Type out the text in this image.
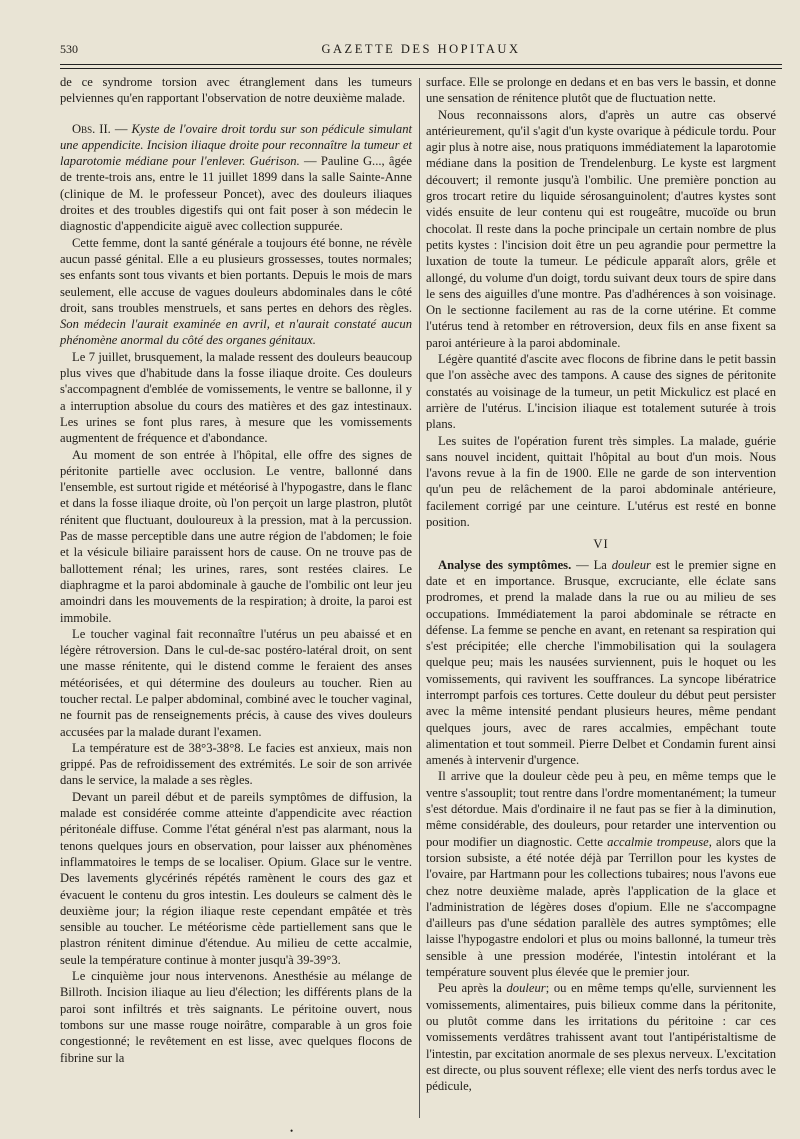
530	GAZETTE DES HOPITAUX

de ce syndrome torsion avec étranglement dans les tumeurs pelviennes qu'en rapportant l'observation de notre deuxième malade.

Obs. II. — Kyste de l'ovaire droit tordu sur son pédicule simulant une appendicite. Incision iliaque droite pour reconnaître la tumeur et laparotomie médiane pour l'enlever. Guérison. — Pauline G..., âgée de trente-trois ans, entre le 11 juillet 1899 dans la salle Sainte-Anne (clinique de M. le professeur Poncet), avec des douleurs iliaques droites et des troubles digestifs qui ont fait poser à son médecin le diagnostic d'appendicite aiguë avec collection suppurée.

Cette femme, dont la santé générale a toujours été bonne, ne révèle aucun passé génital. Elle a eu plusieurs grossesses, toutes normales; ses enfants sont tous vivants et bien portants. Depuis le mois de mars seulement, elle accuse de vagues douleurs abdominales dans le côté droit, sans troubles menstruels, et sans pertes en dehors des règles. Son médecin l'aurait examinée en avril, et n'aurait constaté aucun phénomène anormal du côté des organes génitaux.

Le 7 juillet, brusquement, la malade ressent des douleurs beaucoup plus vives que d'habitude dans la fosse iliaque droite. Ces douleurs s'accompagnent d'emblée de vomissements, le ventre se ballonne, il y a interruption absolue du cours des matières et des gaz intestinaux. Les urines se font plus rares, à mesure que les vomissements augmentent de fréquence et d'abondance.

Au moment de son entrée à l'hôpital, elle offre des signes de péritonite partielle avec occlusion. Le ventre, ballonné dans l'ensemble, est surtout rigide et météorisé à l'hypogastre, dans le flanc et dans la fosse iliaque droite, où l'on perçoit un large plastron, plutôt rénitent que fluctuant, douloureux à la pression, mat à la percussion. Pas de masse perceptible dans une autre région de l'abdomen; le foie et la vésicule biliaire paraissent hors de cause. On ne trouve pas de ballottement rénal; les urines, rares, sont restées claires. Le diaphragme et la paroi abdominale à gauche de l'ombilic ont leur jeu amoindri dans les mouvements de la respiration; à droite, la paroi est immobile.

Le toucher vaginal fait reconnaître l'utérus un peu abaissé et en légère rétroversion. Dans le cul-de-sac postéro-latéral droit, on sent une masse rénitente, qui le distend comme le feraient des anses météorisées, et qui détermine des douleurs au toucher. Rien au toucher rectal. Le palper abdominal, combiné avec le toucher vaginal, ne fournit pas de renseignements précis, à cause des vives douleurs accusées par la malade durant l'examen.

La température est de 38°3-38°8. Le facies est anxieux, mais non grippé. Pas de refroidissement des extrémités. Le soir de son arrivée dans le service, la malade a ses règles.

Devant un pareil début et de pareils symptômes de diffusion, la malade est considérée comme atteinte d'appendicite avec réaction péritonéale diffuse. Comme l'état général n'est pas alarmant, nous la tenons quelques jours en observation, pour laisser aux phénomènes inflammatoires le temps de se localiser. Opium. Glace sur le ventre. Des lavements glycérinés répétés ramènent le cours des gaz et évacuent le contenu du gros intestin. Les douleurs se calment dès le deuxième jour; la région iliaque reste cependant empâtée et très sensible au toucher. Le météorisme cède partiellement sans que le plastron rénitent diminue d'étendue. Au milieu de cette accalmie, seule la température continue à monter jusqu'à 39-39°3.

Le cinquième jour nous intervenons. Anesthésie au mélange de Billroth. Incision iliaque au lieu d'élection; les différents plans de la paroi sont infiltrés et très saignants. Le péritoine ouvert, nous tombons sur une masse rouge noirâtre, comparable à un gros foie congestionné; le revêtement en est lisse, avec quelques flocons de fibrine sur la

surface. Elle se prolonge en dedans et en bas vers le bassin, et donne une sensation de rénitence plutôt que de fluctuation nette.

Nous reconnaissons alors, d'après un autre cas observé antérieurement, qu'il s'agit d'un kyste ovarique à pédicule tordu. Pour agir plus à notre aise, nous pratiquons immédiatement la laparotomie médiane dans la position de Trendelenburg. Le kyste est largment découvert; il remonte jusqu'à l'ombilic. Une première ponction au gros trocart retire du liquide sérosanguinolent; d'autres kystes sont vidés ensuite de leur contenu qui est rougeâtre, mucoïde ou brun chocolat. Il reste dans la poche principale un certain nombre de plus petits kystes : l'incision doit être un peu agrandie pour permettre la luxation de toute la tumeur. Le pédicule apparaît alors, grêle et allongé, du volume d'un doigt, tordu suivant deux tours de spire dans le sens des aiguilles d'une montre. Pas d'adhérences à son voisinage. On le sectionne facilement au ras de la corne utérine. Et comme l'utérus tend à retomber en rétroversion, deux fils en anse fixent sa paroi antérieure à la paroi abdominale.

Légère quantité d'ascite avec flocons de fibrine dans le petit bassin que l'on assèche avec des tampons. A cause des signes de péritonite constatés au voisinage de la tumeur, un petit Mickulicz est placé en arrière de l'utérus. L'incision iliaque est totalement suturée à trois plans.

Les suites de l'opération furent très simples. La malade, guérie sans nouvel incident, quittait l'hôpital au bout d'un mois. Nous l'avons revue à la fin de 1900. Elle ne garde de son intervention qu'un peu de relâchement de la paroi abdominale antérieure, facilement corrigé par une ceinture. L'utérus est resté en bonne position.

VI

Analyse des symptômes. — La douleur est le premier signe en date et en importance. Brusque, excruciante, elle éclate sans prodromes, et prend la malade dans la rue ou au milieu de ses occupations. Immédiatement la paroi abdominale se rétracte en défense. La femme se penche en avant, en retenant sa respiration qui s'est précipitée; elle cherche l'immobilisation qui la soulagera quelque peu; mais les nausées surviennent, puis le hoquet ou les vomissements, qui ravivent les souffrances. La syncope libératrice interrompt parfois ces tortures. Cette douleur du début peut persister avec la même intensité pendant plusieurs heures, même pendant quelques jours, avec de rares accalmies, empêchant toute alimentation et tout sommeil. Pierre Delbet et Condamin furent ainsi amenés à intervenir d'urgence.

Il arrive que la douleur cède peu à peu, en même temps que le ventre s'assouplit; tout rentre dans l'ordre momentanément; la tumeur s'est détordue. Mais d'ordinaire il ne faut pas se fier à la diminution, même considérable, des douleurs, pour retarder une intervention ou pour modifier un diagnostic. Cette accalmie trompeuse, alors que la torsion subsiste, a été notée déjà par Terrillon pour les kystes de l'ovaire, par Hartmann pour les collections tubaires; nous l'avons eue chez notre deuxième malade, après l'application de la glace et l'administration de légères doses d'opium. Elle ne s'accompagne d'ailleurs pas d'une sédation parallèle des autres symptômes; elle laisse l'hypogastre endolori et plus ou moins ballonné, la tumeur très sensible à une pression modérée, l'intestin intolérant et la température souvent plus élevée que le premier jour.

Peu après la douleur; ou en même temps qu'elle, surviennent les vomissements, alimentaires, puis bilieux comme dans la péritonite, ou plutôt comme dans les irritations du péritoine : car ces vomissements verdâtres trahissent avant tout l'antipéristaltisme de l'intestin, par excitation anormale de ses plexus nerveux. L'excitation est directe, ou plus souvent réflexe; elle vient des nerfs tordus avec le pédicule,

•
